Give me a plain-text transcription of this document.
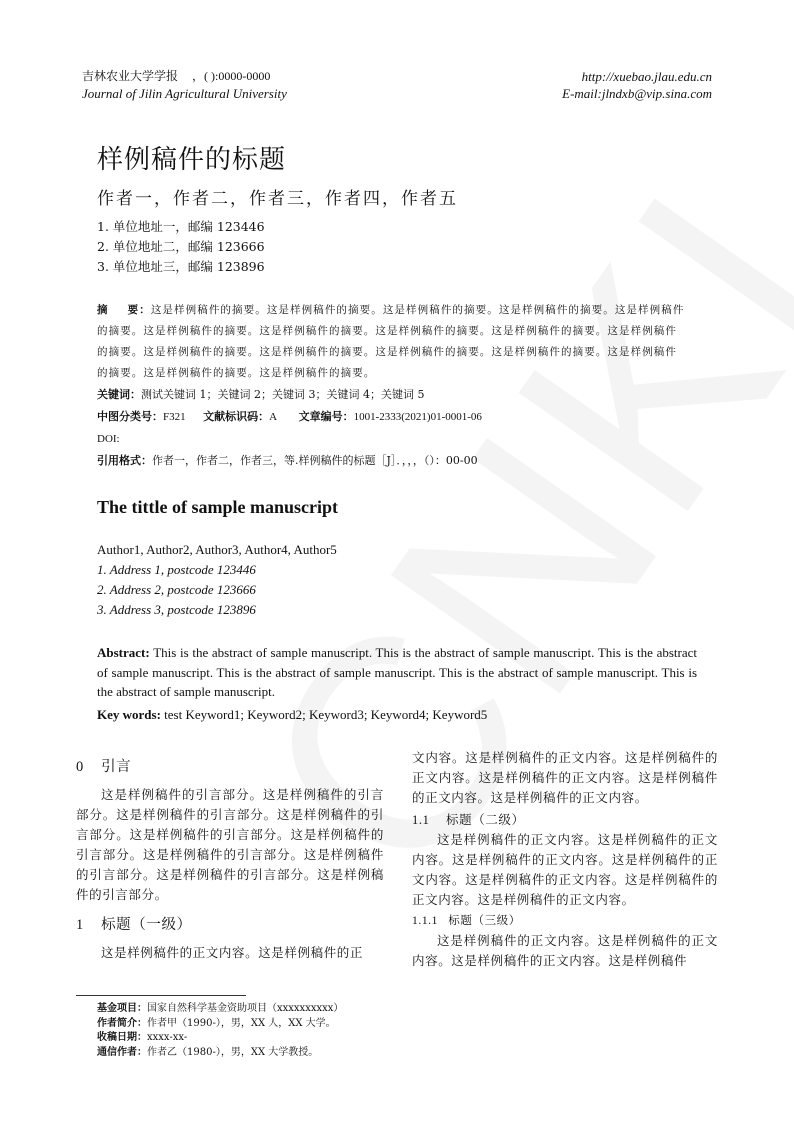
吉林农业大学学报 ，( ):0000-0000
Journal of Jilin Agricultural University
http://xuebao.jlau.edu.cn
E-mail:jlndxb@vip.sina.com
样例稿件的标题
作者一，作者二，作者三，作者四，作者五
1. 单位地址一，邮编 123446
2. 单位地址二，邮编 123666
3. 单位地址三，邮编 123896
摘    要：这是样例稿件的摘要。这是样例稿件的摘要。这是样例稿件的摘要。这是样例稿件的摘要。这是样例稿件
的摘要。这是样例稿件的摘要。这是样例稿件的摘要。这是样例稿件的摘要。这是样例稿件的摘要。这是样例稿件
的摘要。这是样例稿件的摘要。这是样例稿件的摘要。这是样例稿件的摘要。这是样例稿件的摘要。这是样例稿件
的摘要。这是样例稿件的摘要。这是样例稿件的摘要。
关键词：测试关键词 1；关键词 2；关键词 3；关键词 4；关键词 5
中图分类号：F321 文献标识码：A 文章编号：1001-2333(2021)01-0001-06
DOI:
引用格式：作者一，作者二，作者三，等.样例稿件的标题［J］．，，，（）：00-00
The tittle of sample manuscript
Author1, Author2, Author3, Author4, Author5
1. Address 1, postcode 123446
2. Address 2, postcode 123666
3. Address 3, postcode 123896
Abstract: This is the abstract of sample manuscript. This is the abstract of sample manuscript. This is the abstract of sample manuscript. This is the abstract of sample manuscript. This is the abstract of sample manuscript. This is the abstract of sample manuscript.
Key words: test Keyword1; Keyword2; Keyword3; Keyword4; Keyword5
0 引言
这是样例稿件的引言部分。这是样例稿件的引言部分。这是样例稿件的引言部分。这是样例稿件的引言部分。这是样例稿件的引言部分。这是样例稿件的引言部分。这是样例稿件的引言部分。这是样例稿件的引言部分。这是样例稿件的引言部分。这是样例稿件的引言部分。
1 标题（一级）
这是样例稿件的正文内容。这是样例稿件的正
文内容。这是样例稿件的正文内容。这是样例稿件的正文内容。这是样例稿件的正文内容。这是样例稿件的正文内容。这是样例稿件的正文内容。
1.1 标题（二级）
这是样例稿件的正文内容。这是样例稿件的正文内容。这是样例稿件的正文内容。这是样例稿件的正文内容。这是样例稿件的正文内容。这是样例稿件的正文内容。这是样例稿件的正文内容。
1.1.1 标题（三级）
这是样例稿件的正文内容。这是样例稿件的正文内容。这是样例稿件的正文内容。这是样例稿件
基金项目：国家自然科学基金资助项目（xxxxxxxxxx）
作者简介：作者甲（1990-），男，XX 人，XX 大学。
收稿日期：xxxx-xx-
通信作者：作者乙（1980-），男，XX 大学教授。
